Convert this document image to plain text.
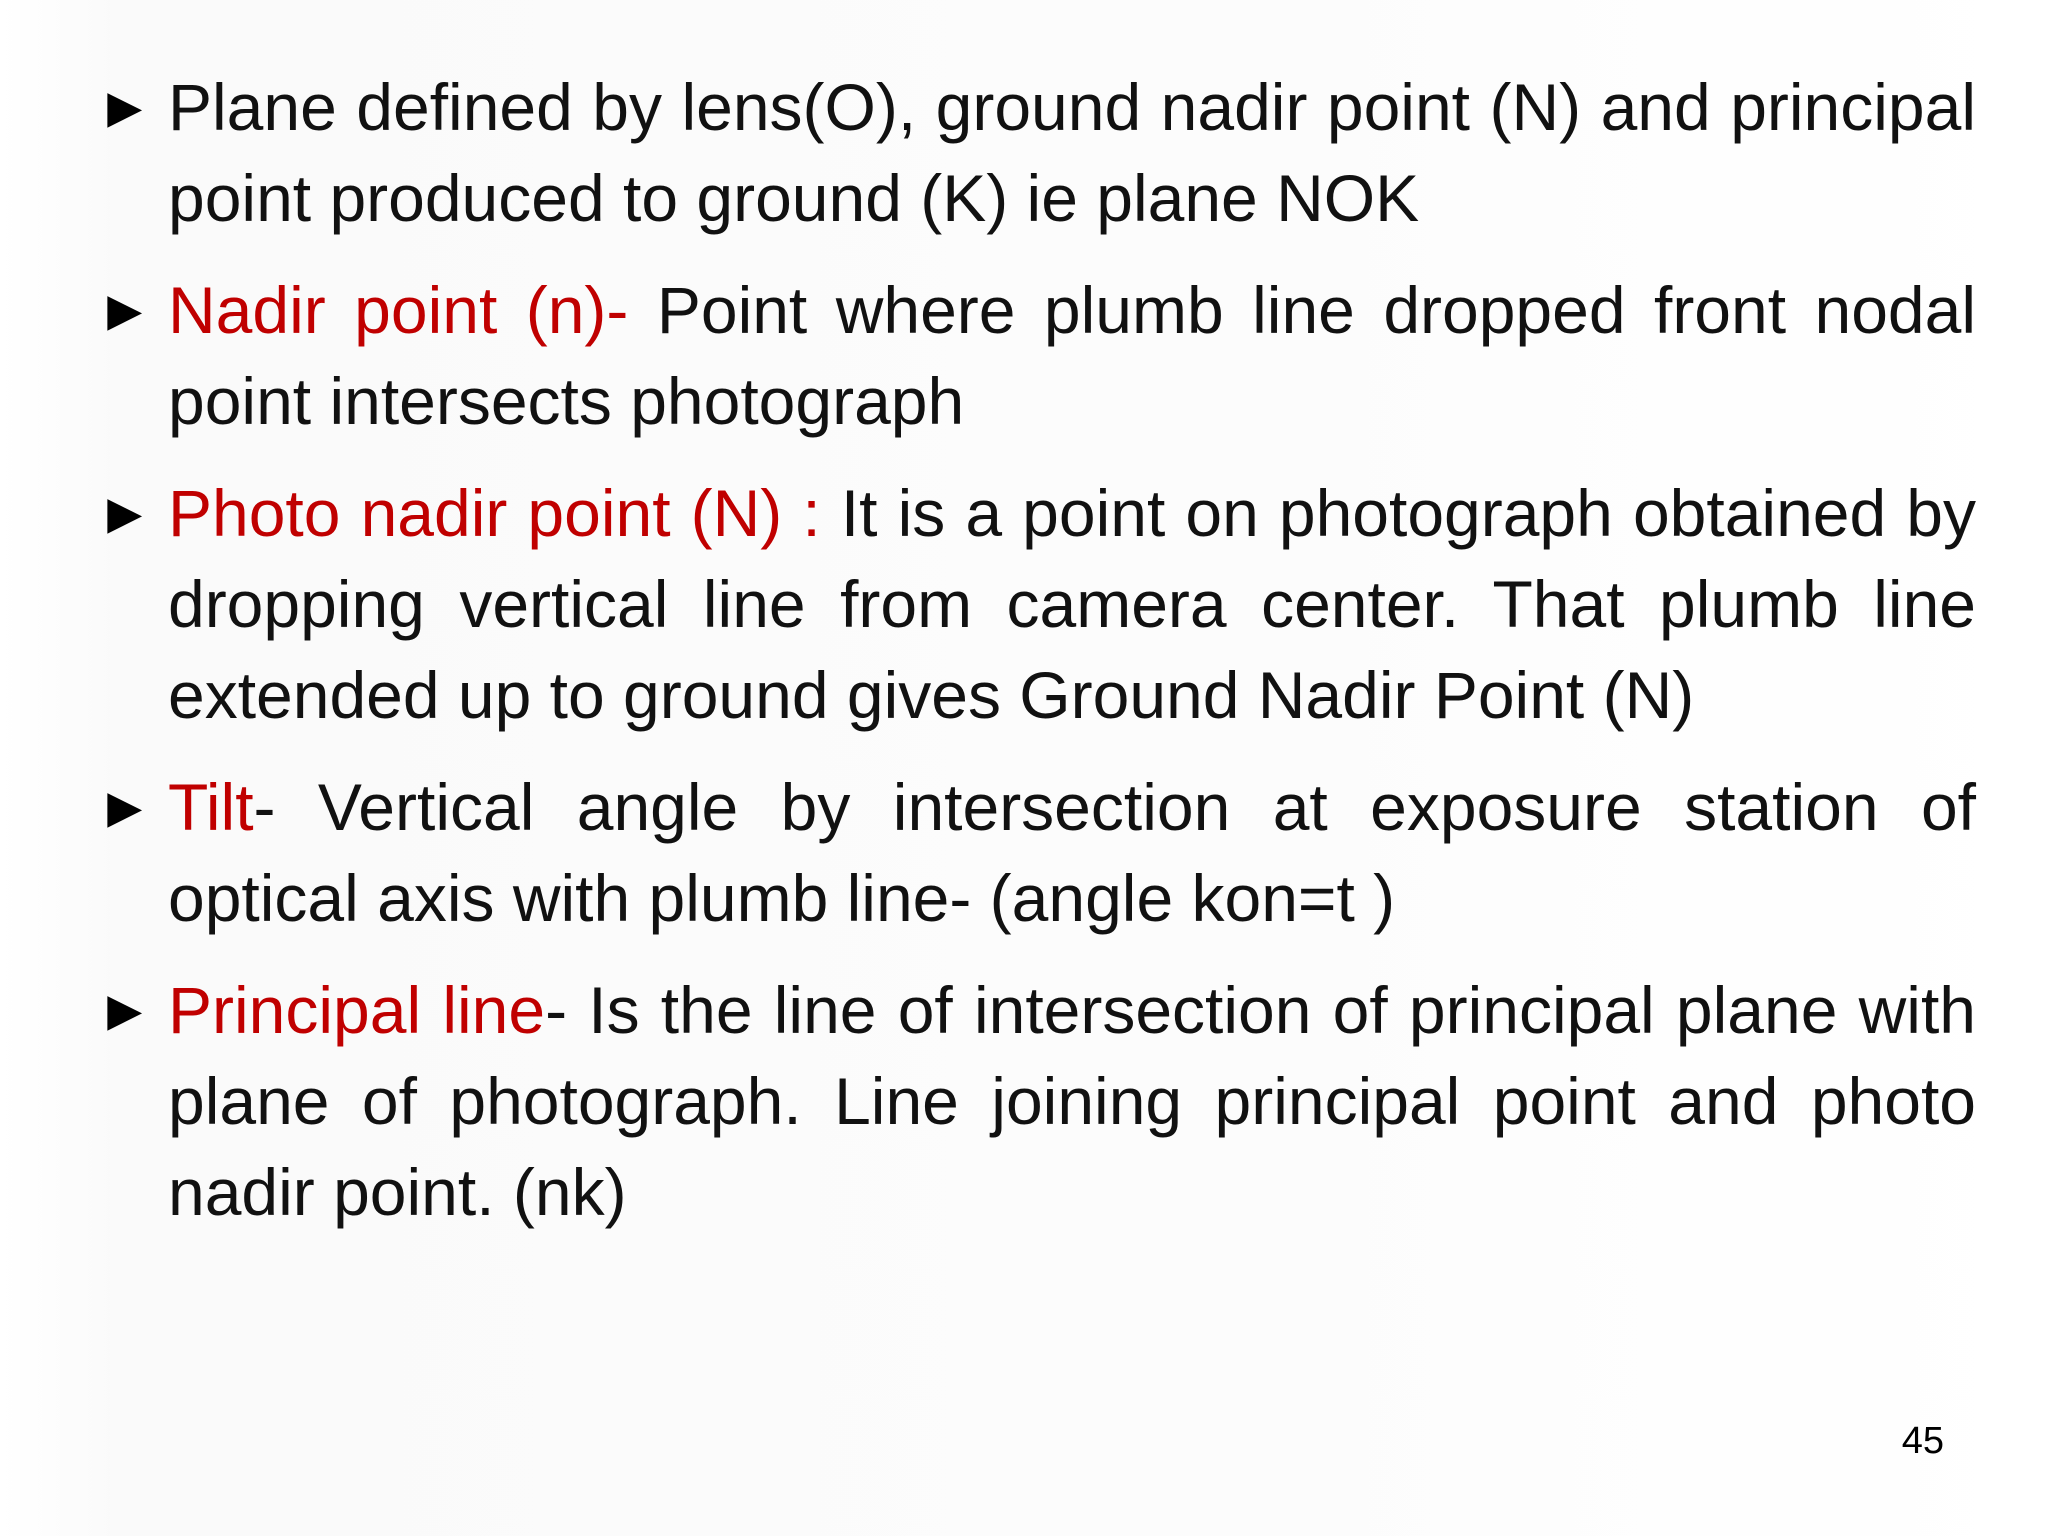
► Plane defined by lens(O), ground nadir point (N) and principal point produced to ground (K) ie plane NOK
► Nadir point (n)- Point where plumb line dropped front nodal point intersects photograph
► Photo nadir point (N) : It is a point on photograph obtained by dropping vertical line from camera center. That plumb line extended up to ground gives Ground Nadir Point (N)
► Tilt- Vertical angle by intersection at exposure station of optical axis with plumb line- (angle kon=t )
► Principal line- Is the line of intersection of principal plane with plane of photograph. Line joining principal point and photo nadir point. (nk)
45
